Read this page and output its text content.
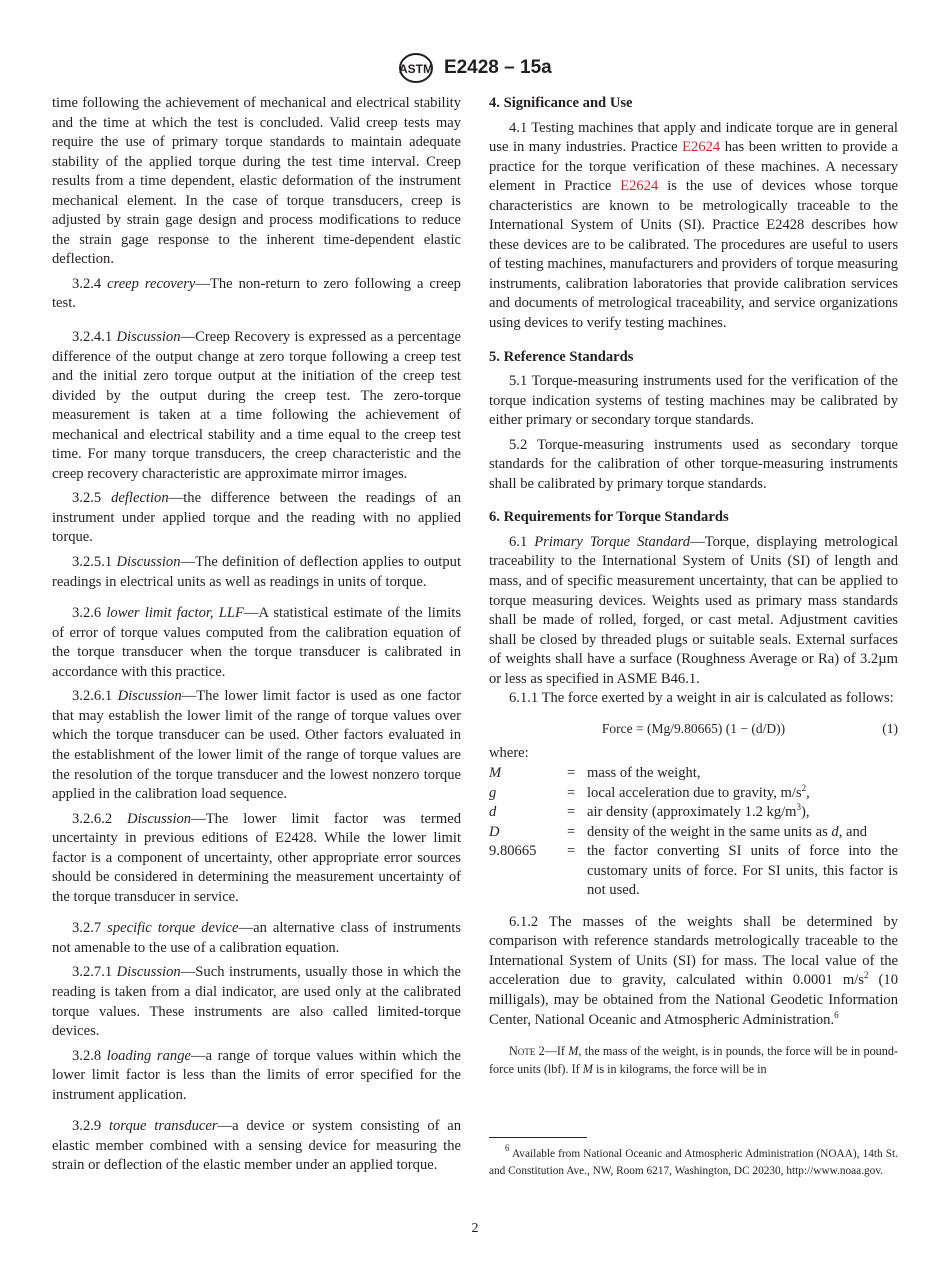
ASTM E2428 – 15a

time following the achievement of mechanical and electrical stability and the time at which the test is concluded. Valid creep tests may require the use of primary torque standards to maintain adequate stability of the applied torque during the test time interval. Creep results from a time dependent, elastic deformation of the instrument mechanical element. In the case of torque transducers, creep is adjusted by strain gage design and process modifications to reduce the strain gage response to the inherent time-dependent elastic deflection.

3.2.4 creep recovery—The non-return to zero following a creep test.

3.2.4.1 Discussion—Creep Recovery is expressed as a percentage difference of the output change at zero torque following a creep test and the initial zero torque output at the initiation of the creep test divided by the output during the creep test. The zero-torque measurement is taken at a time following the achievement of mechanical and electrical stability and a time equal to the creep test time. For many torque transducers, the creep characteristic and the creep recovery characteristic are approximate mirror images.

3.2.5 deflection—the difference between the readings of an instrument under applied torque and the reading with no applied torque.

3.2.5.1 Discussion—The definition of deflection applies to output readings in electrical units as well as readings in units of torque.

3.2.6 lower limit factor, LLF—A statistical estimate of the limits of error of torque values computed from the calibration equation of the torque transducer when the torque transducer is calibrated in accordance with this practice.

3.2.6.1 Discussion—The lower limit factor is used as one factor that may establish the lower limit of the range of torque values over which the torque transducer can be used. Other factors evaluated in the establishment of the lower limit of the range of torque values are the resolution of the torque transducer and the lowest nonzero torque applied in the calibration load sequence.

3.2.6.2 Discussion—The lower limit factor was termed uncertainty in previous editions of E2428. While the lower limit factor is a component of uncertainty, other appropriate error sources should be considered in determining the measurement uncertainty of the torque transducer in service.

3.2.7 specific torque device—an alternative class of instruments not amenable to the use of a calibration equation.

3.2.7.1 Discussion—Such instruments, usually those in which the reading is taken from a dial indicator, are used only at the calibrated torque values. These instruments are also called limited-torque devices.

3.2.8 loading range—a range of torque values within which the lower limit factor is less than the limits of error specified for the instrument application.

3.2.9 torque transducer—a device or system consisting of an elastic member combined with a sensing device for measuring the strain or deflection of the elastic member under an applied torque.

4. Significance and Use

4.1 Testing machines that apply and indicate torque are in general use in many industries. Practice E2624 has been written to provide a practice for the torque verification of these machines. A necessary element in Practice E2624 is the use of devices whose torque characteristics are known to be metrologically traceable to the International System of Units (SI). Practice E2428 describes how these devices are to be calibrated. The procedures are useful to users of testing machines, manufacturers and providers of torque measuring instruments, calibration laboratories that provide calibration services and documents of metrological traceability, and service organizations using devices to verify testing machines.

5. Reference Standards

5.1 Torque-measuring instruments used for the verification of the torque indication systems of testing machines may be calibrated by either primary or secondary torque standards.

5.2 Torque-measuring instruments used as secondary torque standards for the calibration of other torque-measuring instruments shall be calibrated by primary torque standards.

6. Requirements for Torque Standards

6.1 Primary Torque Standard—Torque, displaying metrological traceability to the International System of Units (SI) of length and mass, and of specific measurement uncertainty, that can be applied to torque measuring devices. Weights used as primary mass standards shall be made of rolled, forged, or cast metal. Adjustment cavities shall be closed by threaded plugs or suitable seals. External surfaces of weights shall have a surface (Roughness Average or Ra) of 3.2µm or less as specified in ASME B46.1.

6.1.1 The force exerted by a weight in air is calculated as follows:

Force = (Mg/9.80665) (1 − (d/D))	(1)

where:

M	=	mass of the weight,
g	=	local acceleration due to gravity, $m/s^2$,
d	=	air density (approximately 1.2 $kg/m^3$),
D	=	density of the weight in the same units as d, and
9.80665	=	the factor converting SI units of force into the customary units of force. For SI units, this factor is not used.

6.1.2 The masses of the weights shall be determined by comparison with reference standards metrologically traceable to the International System of Units (SI) for mass. The local value of the acceleration due to gravity, calculated within 0.0001 $m/s^2$ (10 milligals), may be obtained from the National Geodetic Information Center, National Oceanic and Atmospheric Administration.$^6$

Note 2—If M, the mass of the weight, is in pounds, the force will be in pound-force units (lbf). If M is in kilograms, the force will be in

$^6$ Available from National Oceanic and Atmospheric Administration (NOAA), 14th St. and Constitution Ave., NW, Room 6217, Washington, DC 20230, http://www.noaa.gov.

2
